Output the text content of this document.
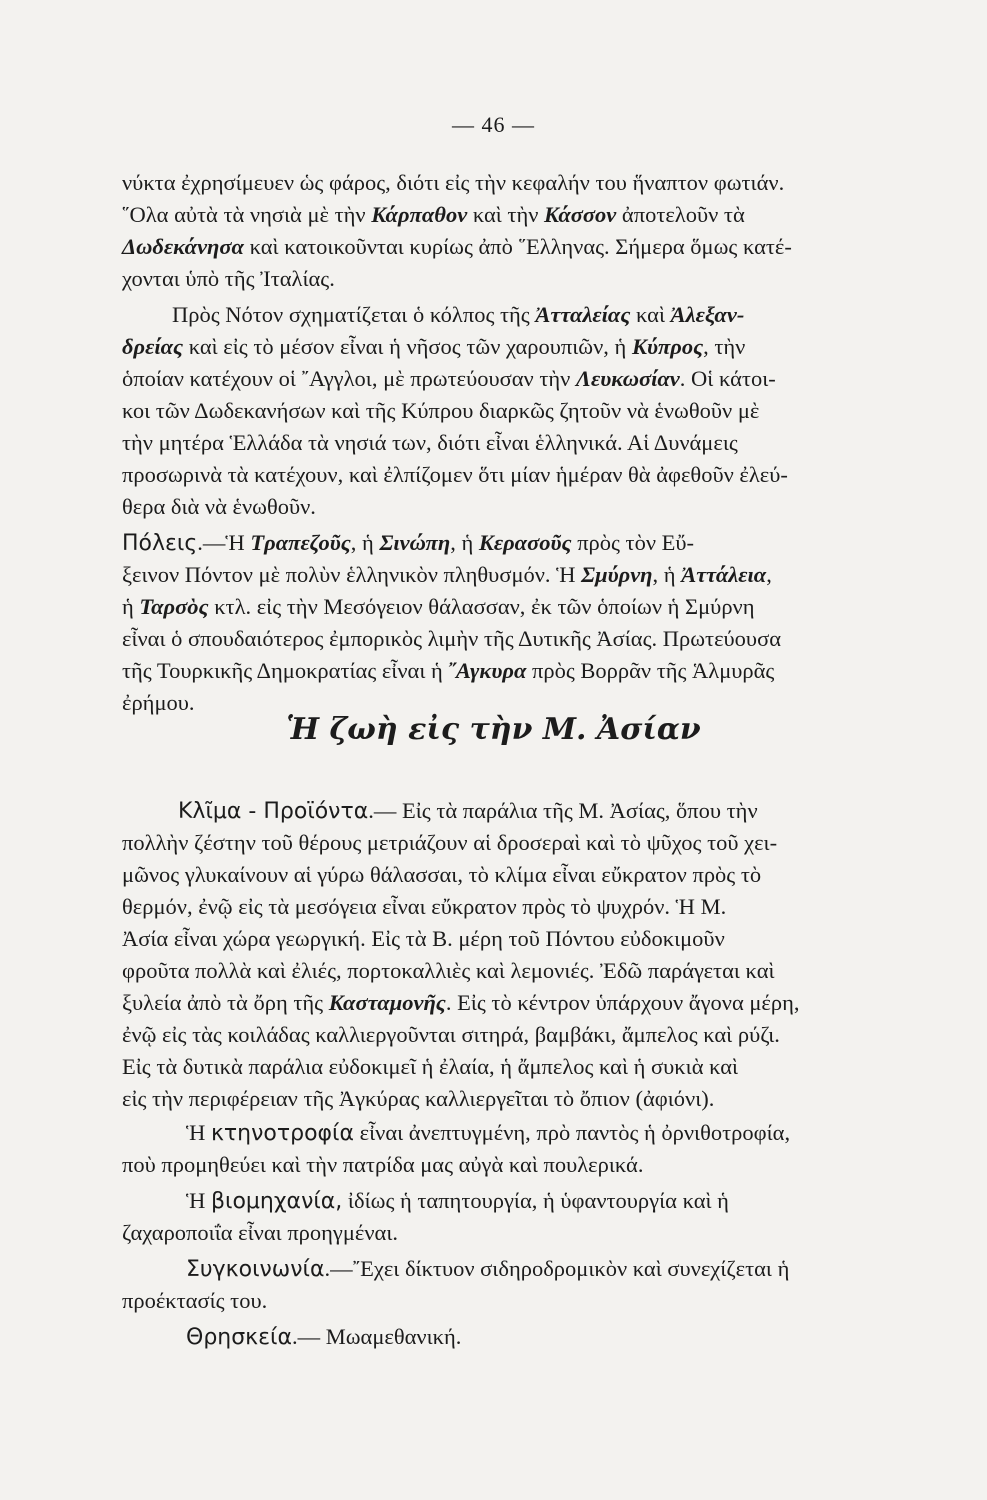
— 46 —
νύκτα ἐχρησίμευεν ὡς φάρος, διότι εἰς τὴν κεφαλήν του ἥναπτον φωτιάν.
῞Ολα αὐτὰ τὰ νησιὰ μὲ τὴν Κάρπαθον καὶ τὴν Κάσσον ἀποτελοῦν τὰ
Δωδεκάνησα καὶ κατοικοῦνται κυρίως ἀπὸ ῞Ελληνας. Σήμερα ὅμως κατέ-
χονται ὑπὸ τῆς Ἰταλίας.
Πρὸς Νότον σχηματίζεται ὁ κόλπος τῆς Ἀτταλείας καὶ Ἀλεξαν-
δρείας καὶ εἰς τὸ μέσον εἶναι ἡ νῆσος τῶν χαρουπιῶν, ἡ Κύπρος, τὴν
ὁποίαν κατέχουν οἱ ῎Αγγλοι, μὲ πρωτεύουσαν τὴν Λευκωσίαν. Οἱ κάτοι-
κοι τῶν Δωδεκανήσων καὶ τῆς Κύπρου διαρκῶς ζητοῦν νὰ ἑνωθοῦν μὲ
τὴν μητέρα Ἑλλάδα τὰ νησιά των, διότι εἶναι ἑλληνικά. Αἱ Δυνάμεις
προσωρινὰ τὰ κατέχουν, καὶ ἐλπίζομεν ὅτι μίαν ἡμέραν θὰ ἀφεθοῦν ἐλεύ-
θερα διὰ νὰ ἑνωθοῦν.
Πόλεις.—Ἡ Τραπεζοῦς, ἡ Σινώπη, ἡ Κερασοῦς πρὸς τὸν Εὔ-
ξεινον Πόντον μὲ πολὺν ἑλληνικὸν πληθυσμόν. Ἡ Σμύρνη, ἡ Ἀττάλεια,
ἡ Ταρσὸς κτλ. εἰς τὴν Μεσόγειον θάλασσαν, ἐκ τῶν ὁποίων ἡ Σμύρνη
εἶναι ὁ σπουδαιότερος ἐμπορικὸς λιμὴν τῆς Δυτικῆς Ἀσίας. Πρωτεύουσα
τῆς Τουρκικῆς Δημοκρατίας εἶναι ἡ ῎Αγκυρα πρὸς Βορρᾶν τῆς Ἁλμυρᾶς
ἐρήμου.
Ἡ ζωὴ εἰς τὴν Μ. Ἀσίαν
Κλῖμα - Προϊόντα.— Εἰς τὰ παράλια τῆς Μ. Ἀσίας, ὅπου τὴν
πολλὴν ζέστην τοῦ θέρους μετριάζουν αἱ δροσεραὶ καὶ τὸ ψῦχος τοῦ χει-
μῶνος γλυκαίνουν αἱ γύρω θάλασσαι, τὸ κλίμα εἶναι εὔκρατον πρὸς τὸ
θερμόν, ἐνῷ εἰς τὰ μεσόγεια εἶναι εὔκρατον πρὸς τὸ ψυχρόν. Ἡ Μ.
Ἀσία εἶναι χώρα γεωργική. Εἰς τὰ Β. μέρη τοῦ Πόντου εὐδοκιμοῦν
φροῦτα πολλὰ καὶ ἐλιές, πορτοκαλλιὲς καὶ λεμονιές. Ἐδῶ παράγεται καὶ
ξυλεία ἀπὸ τὰ ὄρη τῆς Κασταμονῆς. Εἰς τὸ κέντρον ὑπάρχουν ἄγονα μέρη,
ἐνῷ εἰς τὰς κοιλάδας καλλιεργοῦνται σιτηρά, βαμβάκι, ἄμπελος καὶ ρύζι.
Εἰς τὰ δυτικὰ παράλια εὐδοκιμεῖ ἡ ἐλαία, ἡ ἄμπελος καὶ ἡ συκιὰ καὶ
εἰς τὴν περιφέρειαν τῆς Ἀγκύρας καλλιεργεῖται τὸ ὄπιον (ἀφιόνι).
Ἡ κτηνοτροφία εἶναι ἀνεπτυγμένη, πρὸ παντὸς ἡ ὀρνιθοτροφία,
ποὺ προμηθεύει καὶ τὴν πατρίδα μας αὐγὰ καὶ πουλερικά.
Ἡ βιομηχανία, ἰδίως ἡ ταπητουργία, ἡ ὑφαντουργία καὶ ἡ
ζαχαροποιΐα εἶναι προηγμέναι.
Συγκοινωνία.—῎Εχει δίκτυον σιδηροδρομικὸν καὶ συνεχίζεται ἡ
προέκτασίς του.
Θρησκεία.— Μωαμεθανική.
